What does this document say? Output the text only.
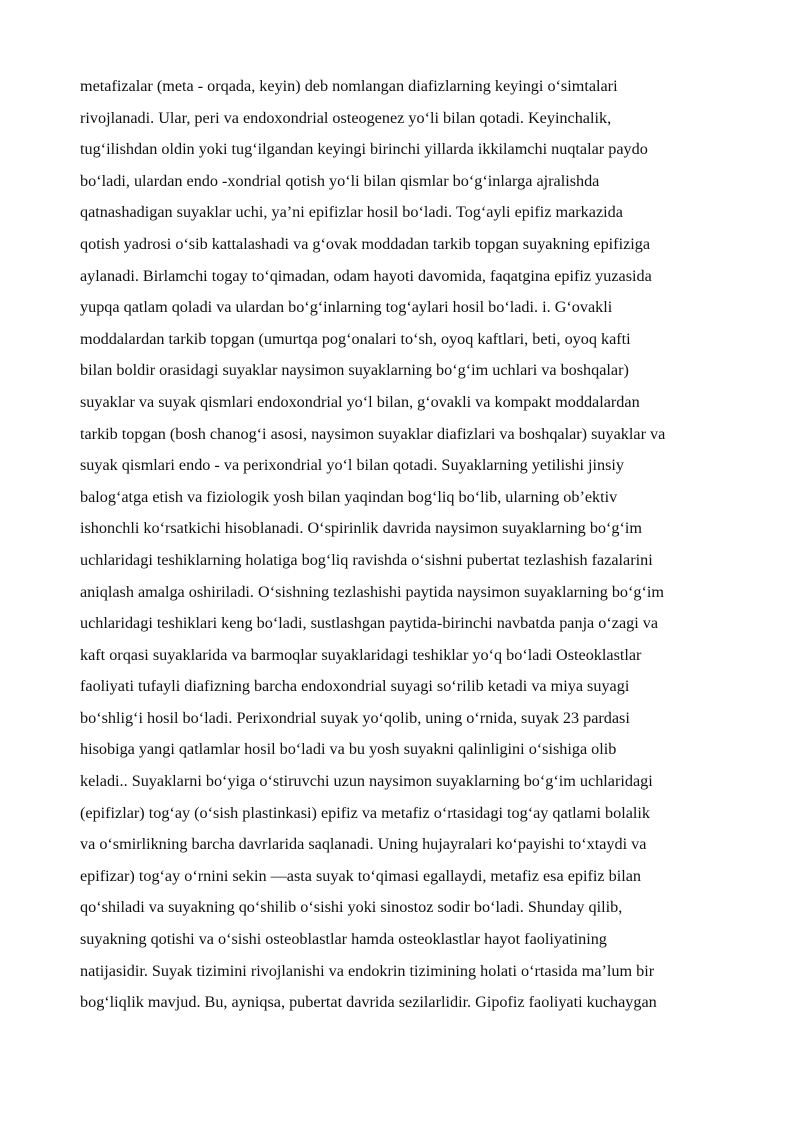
metafizalar (meta - orqada, keyin) deb nomlangan diafizlarning keyingi o‘simtalari
rivojlanadi. Ular, peri va endoxondrial osteogenez yo‘li bilan qotadi. Keyinchalik,
tug‘ilishdan oldin yoki tug‘ilgandan keyingi birinchi yillarda ikkilamchi nuqtalar paydo
bo‘ladi, ulardan endo -xondrial qotish yo‘li bilan qismlar bo‘g‘inlarga ajralishda
qatnashadigan suyaklar uchi, ya’ni epifizlar hosil bo‘ladi. Tog‘ayli epifiz markazida
qotish yadrosi o‘sib kattalashadi va g‘ovak moddadan tarkib topgan suyakning epifiziga
aylanadi. Birlamchi togay to‘qimadan, odam hayoti davomida, faqatgina epifiz yuzasida
yupqa qatlam qoladi va ulardan bo‘g‘inlarning tog‘aylari hosil bo‘ladi. i. G‘ovakli
moddalardan tarkib topgan (umurtqa pog‘onalari to‘sh, oyoq kaftlari, beti, oyoq kafti
bilan boldir orasidagi suyaklar naysimon suyaklarning bo‘g‘im uchlari va boshqalar)
suyaklar va suyak qismlari endoxondrial yo‘l bilan, g‘ovakli va kompakt moddalardan
tarkib topgan (bosh chanog‘i asosi, naysimon suyaklar diafizlari va boshqalar) suyaklar va
suyak qismlari endo - va perixondrial yo‘l bilan qotadi. Suyaklarning yetilishi jinsiy
balog‘atga etish va fiziologik yosh bilan yaqindan bog‘liq bo‘lib, ularning ob’ektiv
ishonchli ko‘rsatkichi hisoblanadi. O‘spirinlik davrida naysimon suyaklarning bo‘g‘im
uchlaridagi teshiklarning holatiga bog‘liq ravishda o‘sishni pubertat tezlashish fazalarini
aniqlash amalga oshiriladi. O‘sishning tezlashishi paytida naysimon suyaklarning bo‘g‘im
uchlaridagi teshiklari keng bo‘ladi, sustlashgan paytida-birinchi navbatda panja o‘zagi va
kaft orqasi suyaklarida va barmoqlar suyaklaridagi teshiklar yo‘q bo‘ladi Osteoklastlar
faoliyati tufayli diafizning barcha endoxondrial suyagi so‘rilib ketadi va miya suyagi
bo‘shlig‘i hosil bo‘ladi. Perixondrial suyak yo‘qolib, uning o‘rnida, suyak 23 pardasi
hisobiga yangi qatlamlar hosil bo‘ladi va bu yosh suyakni qalinligini o‘sishiga olib
keladi.. Suyaklarni bo‘yiga o‘stiruvchi uzun naysimon suyaklarning bo‘g‘im uchlaridagi
(epifizlar) tog‘ay (o‘sish plastinkasi) epifiz va metafiz o‘rtasidagi tog‘ay qatlami bolalik
va o‘smirlikning barcha davrlarida saqlanadi. Uning hujayralari ko‘payishi to‘xtaydi va
epifizar) tog‘ay o‘rnini sekin —asta suyak to‘qimasi egallaydi, metafiz esa epifiz bilan
qo‘shiladi va suyakning qo‘shilib o‘sishi yoki sinostoz sodir bo‘ladi. Shunday qilib,
suyakning qotishi va o‘sishi osteoblastlar hamda osteoklastlar hayot faoliyatining
natijasidir. Suyak tizimini rivojlanishi va endokrin tizimining holati o‘rtasida ma’lum bir
bog‘liqlik mavjud. Bu, ayniqsa, pubertat davrida sezilarlidir. Gipofiz faoliyati kuchaygan
